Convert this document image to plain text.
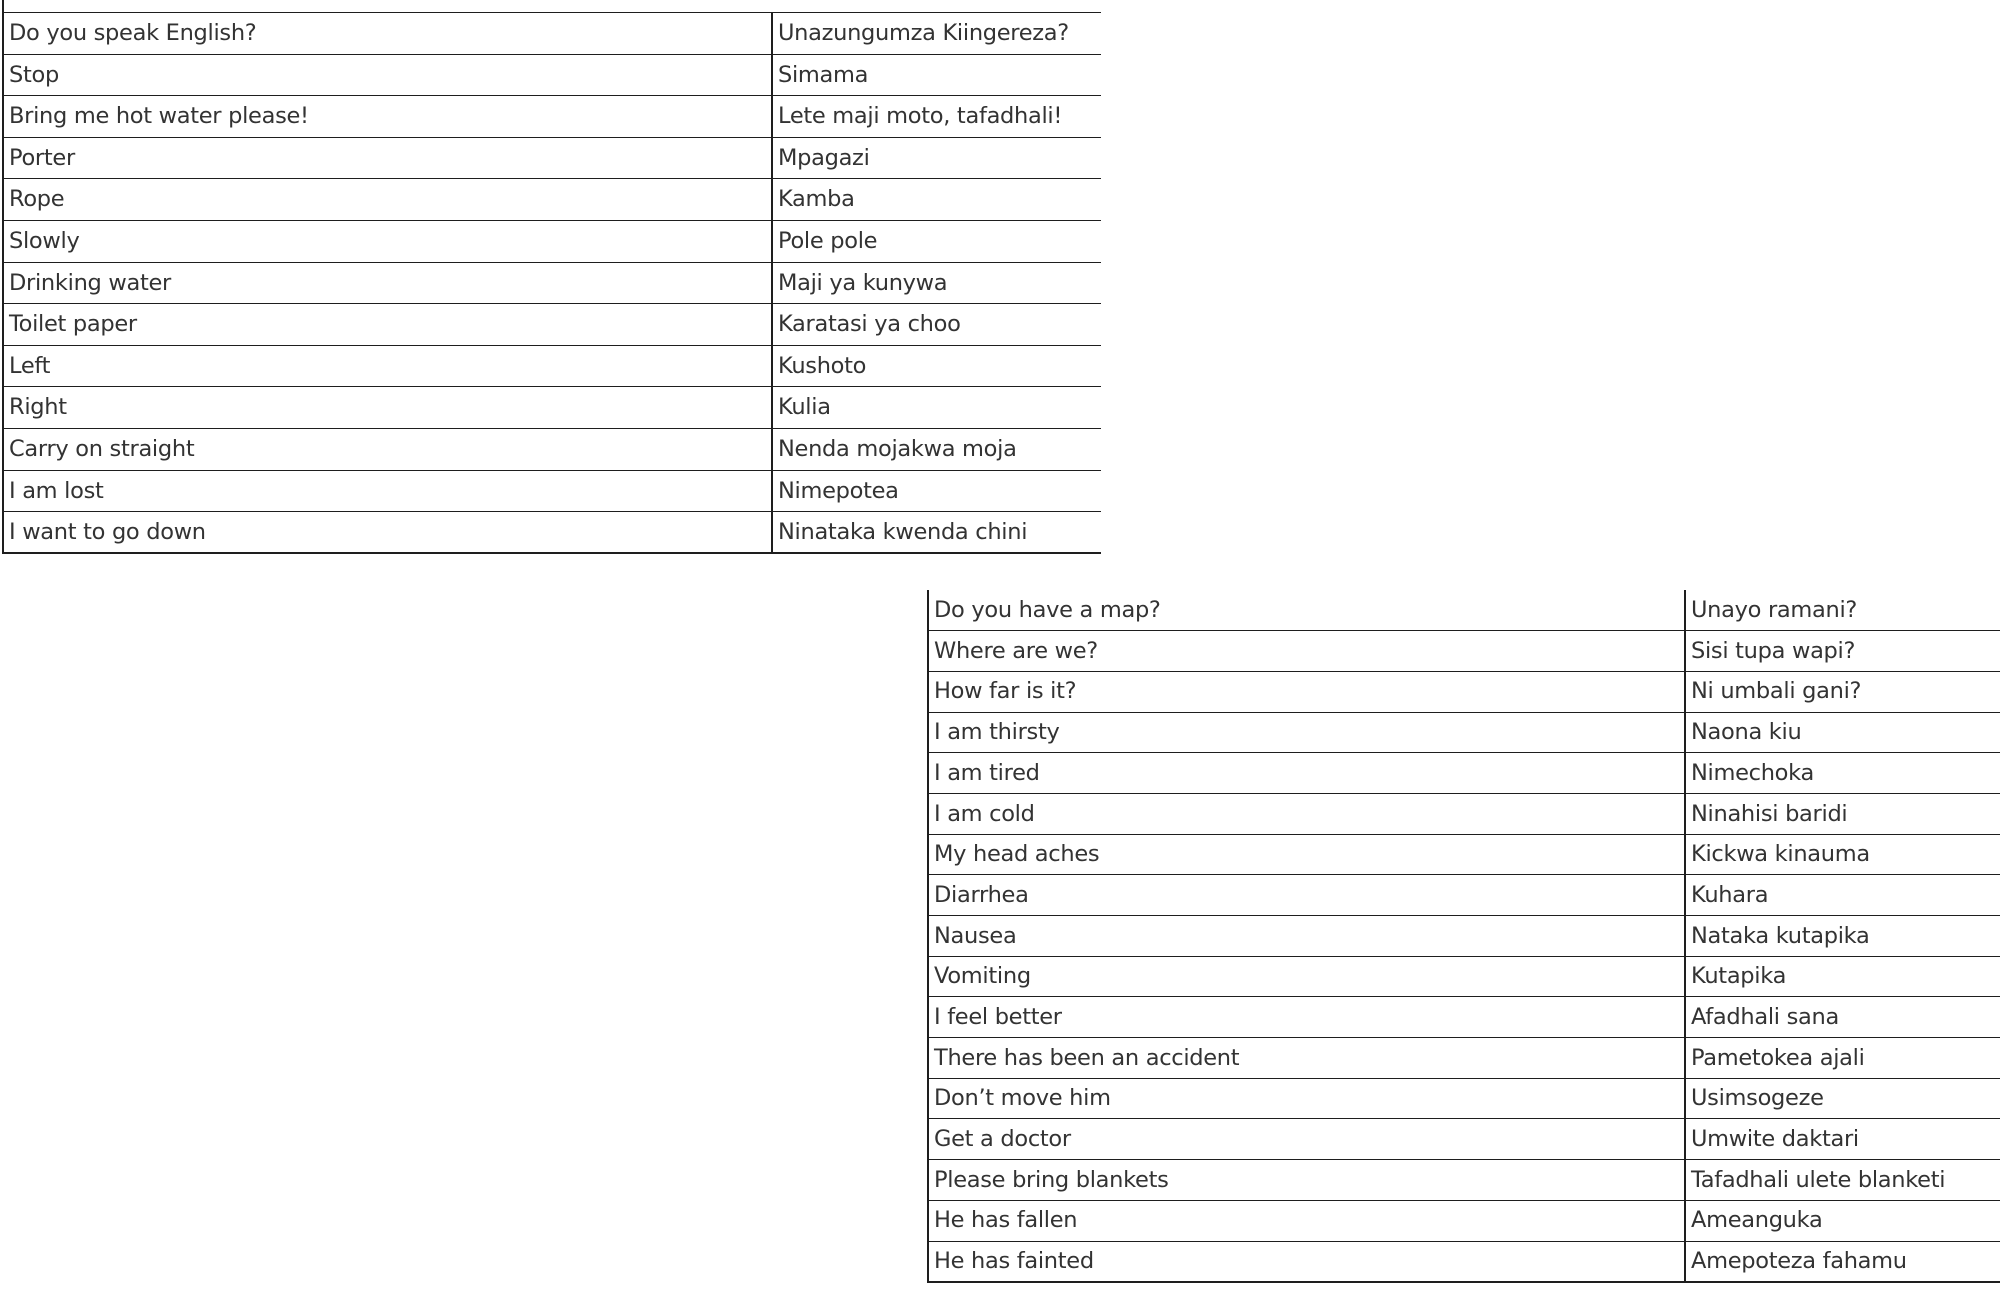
Do you speak English?	Unazungumza Kiingereza?
Stop	Simama
Bring me hot water please!	Lete maji moto, tafadhali!
Porter	Mpagazi
Rope	Kamba
Slowly	Pole pole
Drinking water	Maji ya kunywa
Toilet paper	Karatasi ya choo
Left	Kushoto
Right	Kulia
Carry on straight	Nenda mojakwa moja
I am lost	Nimepotea
I want to go down	Ninataka kwenda chini
Do you have a map?	Unayo ramani?
Where are we?	Sisi tupa wapi?
How far is it?	Ni umbali gani?
I am thirsty	Naona kiu
I am tired	Nimechoka
I am cold	Ninahisi baridi
My head aches	Kickwa kinauma
Diarrhea	Kuhara
Nausea	Nataka kutapika
Vomiting	Kutapika
I feel better	Afadhali sana
There has been an accident	Pametokea ajali
Don’t move him	Usimsogeze
Get a doctor	Umwite daktari
Please bring blankets	Tafadhali ulete blanketi
He has fallen	Ameanguka
He has fainted	Amepoteza fahamu
